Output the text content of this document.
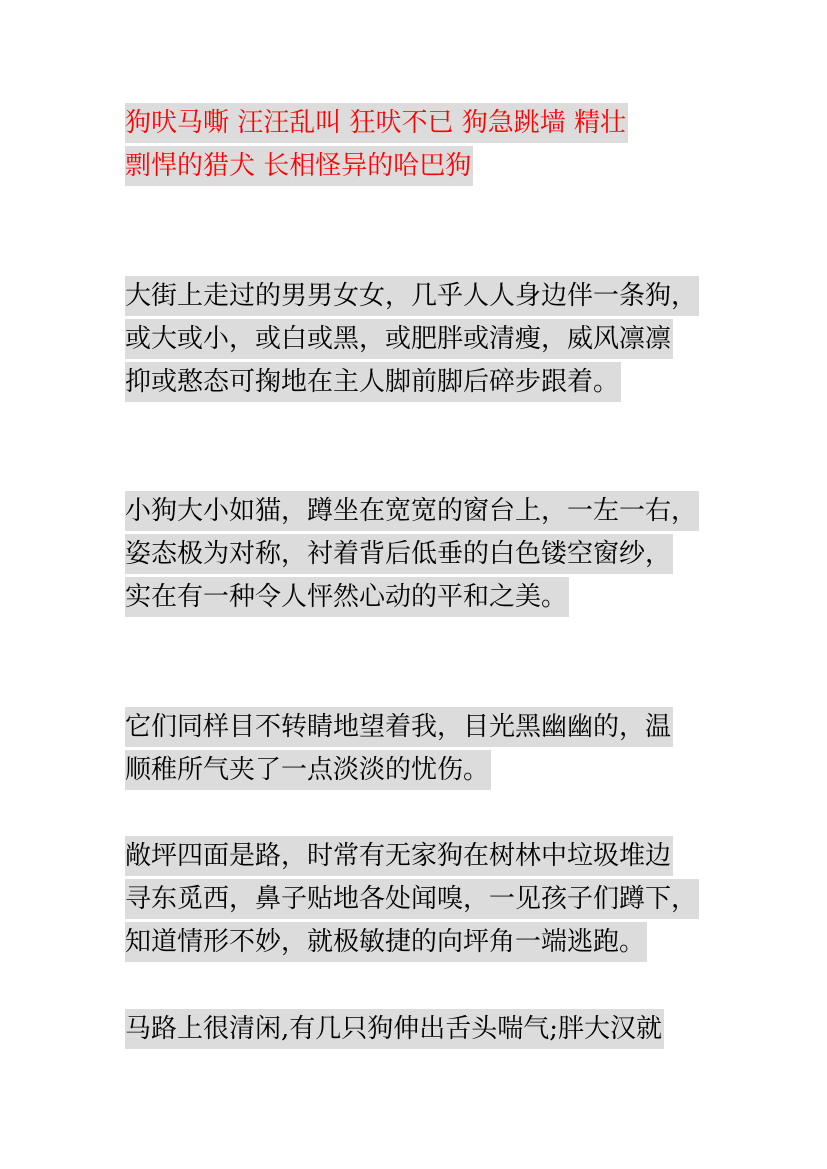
狗吠马嘶 汪汪乱叫 狂吠不已 狗急跳墙 精壮
剽悍的猎犬 长相怪异的哈巴狗
大街上走过的男男女女，几乎人人身边伴一条狗，
或大或小，或白或黑，或肥胖或清瘦，威风凛凛
抑或憨态可掬地在主人脚前脚后碎步跟着。
小狗大小如猫，蹲坐在宽宽的窗台上，一左一右，
姿态极为对称，衬着背后低垂的白色镂空窗纱，
实在有一种令人怦然心动的平和之美。
它们同样目不转睛地望着我，目光黑幽幽的，温
顺稚所气夹了一点淡淡的忧伤。
敞坪四面是路，时常有无家狗在树林中垃圾堆边
寻东觅西，鼻子贴地各处闻嗅，一见孩子们蹲下，
知道情形不妙，就极敏捷的向坪角一端逃跑。
马路上很清闲,有几只狗伸出舌头喘气;胖大汉就
